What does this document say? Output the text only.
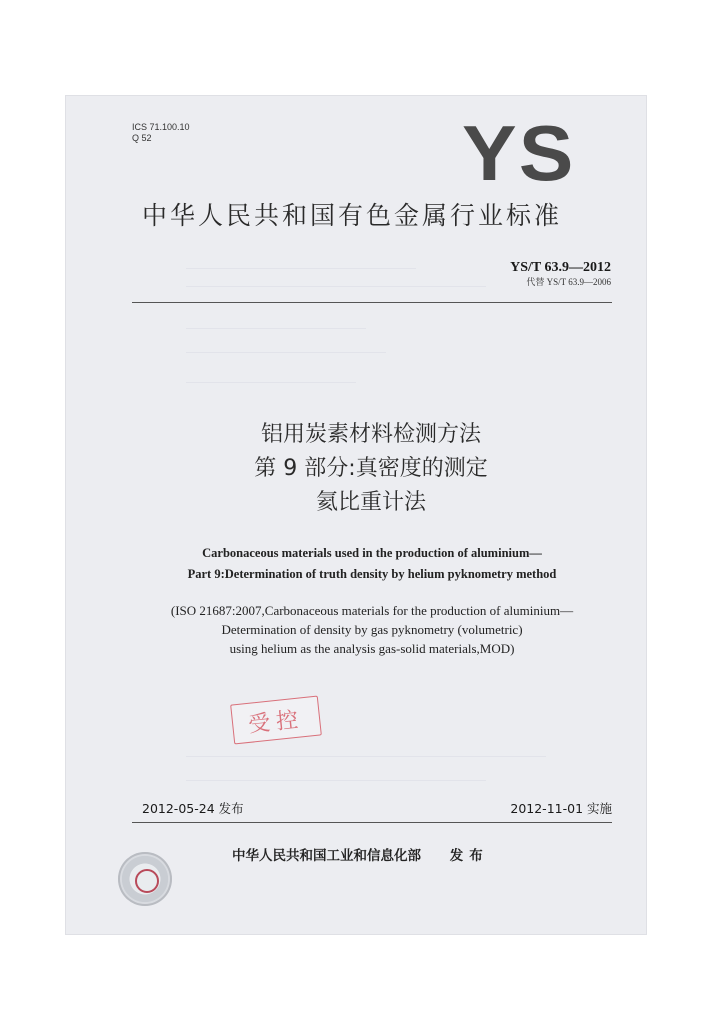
ICS 71.100.10
Q 52	YS
中华人民共和国有色金属行业标准
YS/T 63.9—2012
代替 YS/T 63.9—2006
铝用炭素材料检测方法
第 9 部分:真密度的测定
氦比重计法
Carbonaceous materials used in the production of aluminium—
Part 9:Determination of truth density by helium pyknometry method
(ISO 21687:2007,Carbonaceous materials for the production of aluminium—
Determination of density by gas pyknometry (volumetric)
using helium as the analysis gas-solid materials,MOD)
受控
2012-05-24 发布	2012-11-01 实施
中华人民共和国工业和信息化部 发布
